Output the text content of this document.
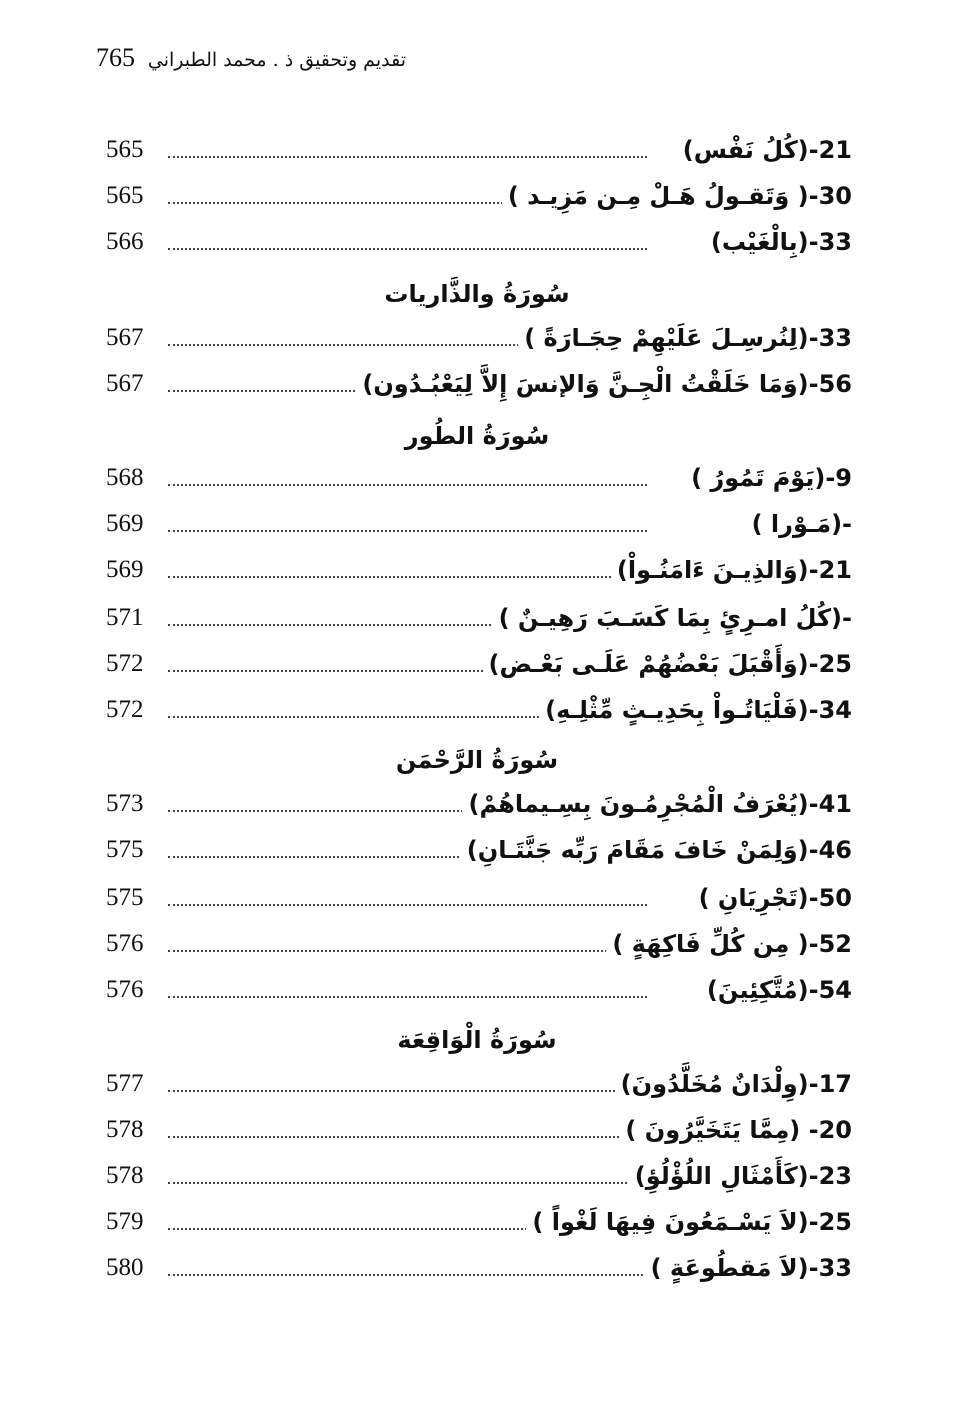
765 تقديم وتحقيق ذ . محمد الطبراني
565	21-(كُلُ نَفْس)
565	30-( وَتَقـولُ هَـلْ مِـن مَزِيـد )
566	33-(بِالْغَيْب)
سُورَةُ والذَّاريات
567	33-(لِنُرسِـلَ عَلَيْهِمْ حِجَـارَةً )
567	56-(وَمَا خَلَقْتُ الْجِـنَّ وَالإنسَ إِلاَّ لِيَعْبُـدُون)
سُورَةُ الطُور
568	9-(يَوْمَ تَمُورُ )
569	-(مَـوْرا )
569	21-(وَالذِيـنَ ءَامَنُـواْ)
571	-(كُلُ امـرِئٍ بِمَا كَسَـبَ رَهِيـنٌ )
572	25-(وَأَقْبَلَ بَعْضُهُمْ عَلَـى بَعْـض)
572	34-(فَلْيَاتُـواْ بِحَدِيـثٍ مِّثْلِـهِ)
سُورَةُ الرَّحْمَن
573	41-(يُعْرَفُ الْمُجْرِمُـونَ بِسِـيماهُمْ)
575	46-(وَلِمَنْ خَافَ مَقَامَ رَبِّه جَنَّتَـانِ)
575	50-(تَجْرِيَانِ )
576	52-( مِن كُلِّ فَاكِهَةٍ )
576	54-(مُتَّكِئِينَ)
سُورَةُ الْوَاقِعَة
577	17-(وِلْدَانٌ مُخَلَّدُونَ)
578	20- (مِمَّا يَتَخَيَّرُونَ )
578	23-(كَأَمْثَالِ اللُؤْلُؤِ)
579	25-(لاَ يَسْـمَعُونَ فِيهَا لَغْواً )
580	33-(لاَ مَقطُوعَةٍ )
